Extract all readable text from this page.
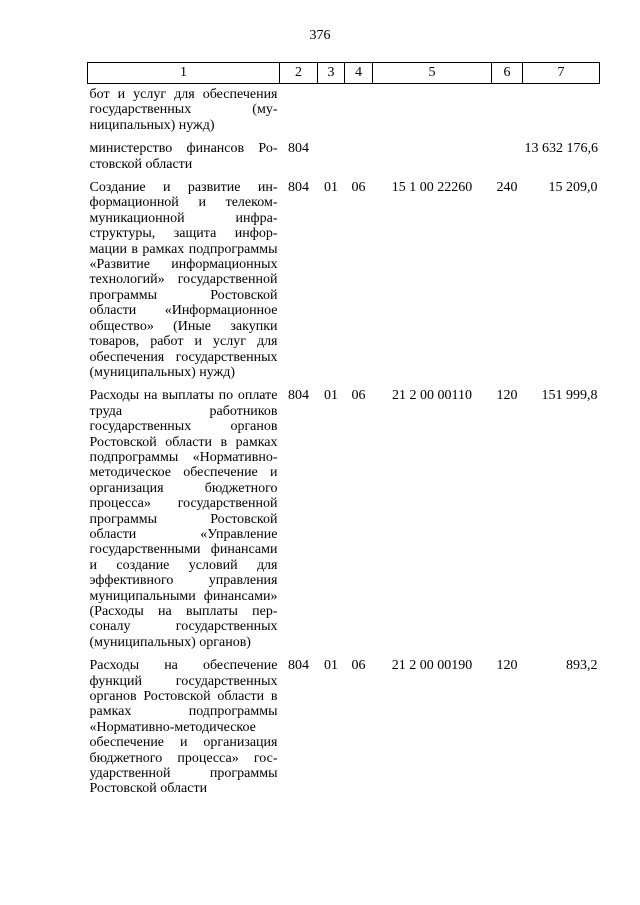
376
1	2	3	4	5	6	7
бот и услуг для обеспечения государственных (муниципальных) нужд)						
министерство финансов Ростовской области	804					13 632 176,6
Создание и развитие информационной и телекоммуникационной инфраструктуры, защита информации в рамках подпрограммы «Развитие информационных технологий» государственной программы Ростовской области «Информационное общество» (Иные закупки товаров, работ и услуг для обеспечения государственных (муниципальных) нужд)	804	01	06	15 1 00 22260	240	15 209,0
Расходы на выплаты по оплате труда работников государственных органов Ростовской области в рамках подпрограммы «Нормативно-методическое обеспечение и организация бюджетного процесса» государственной программы Ростовской области «Управление государственными финансами и создание условий для эффективного управления муниципальными финансами» (Расходы на выплаты персоналу государственных (муниципальных) органов)	804	01	06	21 2 00 00110	120	151 999,8
Расходы на обеспечение функций государственных органов Ростовской области в рамках подпрограммы «Нормативно-методическое обеспечение и организация бюджетного процесса» государственной программы Ростовской области	804	01	06	21 2 00 00190	120	893,2
